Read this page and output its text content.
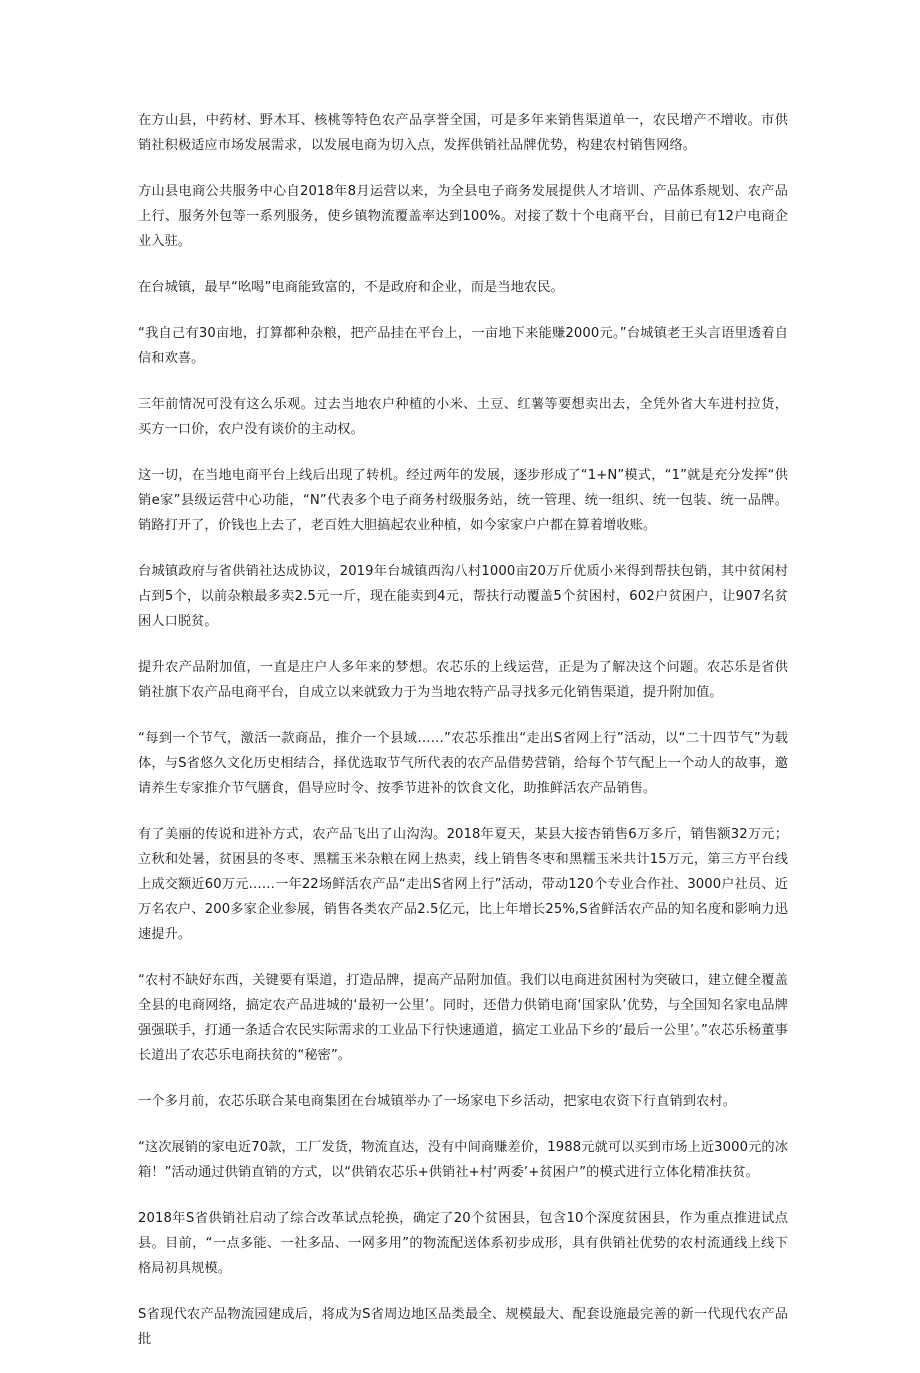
在方山县，中药材、野木耳、核桃等特色农产品享誉全国，可是多年来销售渠道单一，农民增产不增收。市供销社积极适应市场发展需求，以发展电商为切入点，发挥供销社品牌优势，构建农村销售网络。

方山县电商公共服务中心自2018年8月运营以来，为全县电子商务发展提供人才培训、产品体系规划、农产品上行、服务外包等一系列服务，使乡镇物流覆盖率达到100%。对接了数十个电商平台，目前已有12户电商企业入驻。

在台城镇，最早“吆喝”电商能致富的，不是政府和企业，而是当地农民。

“我自己有30亩地，打算都种杂粮，把产品挂在平台上，一亩地下来能赚2000元。”台城镇老王头言语里透着自信和欢喜。

三年前情况可没有这么乐观。过去当地农户种植的小米、土豆、红薯等要想卖出去，全凭外省大车进村拉货，买方一口价，农户没有谈价的主动权。

这一切，在当地电商平台上线后出现了转机。经过两年的发展，逐步形成了“1+N”模式，“1”就是充分发挥“供销e家”县级运营中心功能，“N”代表多个电子商务村级服务站，统一管理、统一组织、统一包装、统一品牌。销路打开了，价钱也上去了，老百姓大胆搞起农业种植，如今家家户户都在算着增收账。

台城镇政府与省供销社达成协议，2019年台城镇西沟八村1000亩20万斤优质小米得到帮扶包销，其中贫闲村占到5个，以前杂粮最多卖2.5元一斤，现在能卖到4元，帮扶行动覆盖5个贫困村，602户贫困户，让907名贫困人口脱贫。

提升农产品附加值，一直是庄户人多年来的梦想。农芯乐的上线运营，正是为了解决这个问题。农芯乐是省供销社旗下农产品电商平台，自成立以来就致力于为当地农特产品寻找多元化销售渠道，提升附加值。

“每到一个节气，激活一款商品，推介一个县域……”农芯乐推出“走出S省网上行”活动，以“二十四节气”为载体，与S省悠久文化历史相结合，择优选取节气所代表的农产品借势营销，给每个节气配上一个动人的故事，邀请养生专家推介节气膳食，倡导应时令、按季节进补的饮食文化，助推鲜活农产品销售。

有了美丽的传说和进补方式，农产品飞出了山沟沟。2018年夏天，某县大接杏销售6万多斤，销售额32万元；立秋和处暑，贫困县的冬枣、黑糯玉米杂粮在网上热卖，线上销售冬枣和黑糯玉米共计15万元，第三方平台线上成交额近60万元……一年22场鲜活农产品“走出S省网上行”活动，带动120个专业合作社、3000户社员、近万名农户、200多家企业参展，销售各类农产品2.5亿元，比上年增长25%,S省鲜活农产品的知名度和影响力迅速提升。

“农村不缺好东西，关键要有渠道，打造品牌，提高产品附加值。我们以电商进贫困村为突破口，建立健全覆盖全县的电商网络，搞定农产品进城的‘最初一公里’。同时，还借力供销电商‘国家队’优势，与全国知名家电品牌强强联手，打通一条适合农民实际需求的工业品下行快速通道，搞定工业品下乡的‘最后一公里’。”农芯乐杨董事长道出了农芯乐电商扶贫的“秘密”。

一个多月前，农芯乐联合某电商集团在台城镇举办了一场家电下乡活动，把家电农资下行直销到农村。

“这次展销的家电近70款，工厂发货，物流直达，没有中间商赚差价，1988元就可以买到市场上近3000元的冰箱！”活动通过供销直销的方式，以“供销农芯乐+供销社+村‘两委’+贫困户”的模式进行立体化精准扶贫。

2018年S省供销社启动了综合改革试点轮换，确定了20个贫困县，包含10个深度贫困县，作为重点推进试点县。目前，“一点多能、一社多品、一网多用”的物流配送体系初步成形，具有供销社优势的农村流通线上线下格局初具规模。

S省现代农产品物流园建成后，将成为S省周边地区品类最全、规模最大、配套设施最完善的新一代现代农产品批
